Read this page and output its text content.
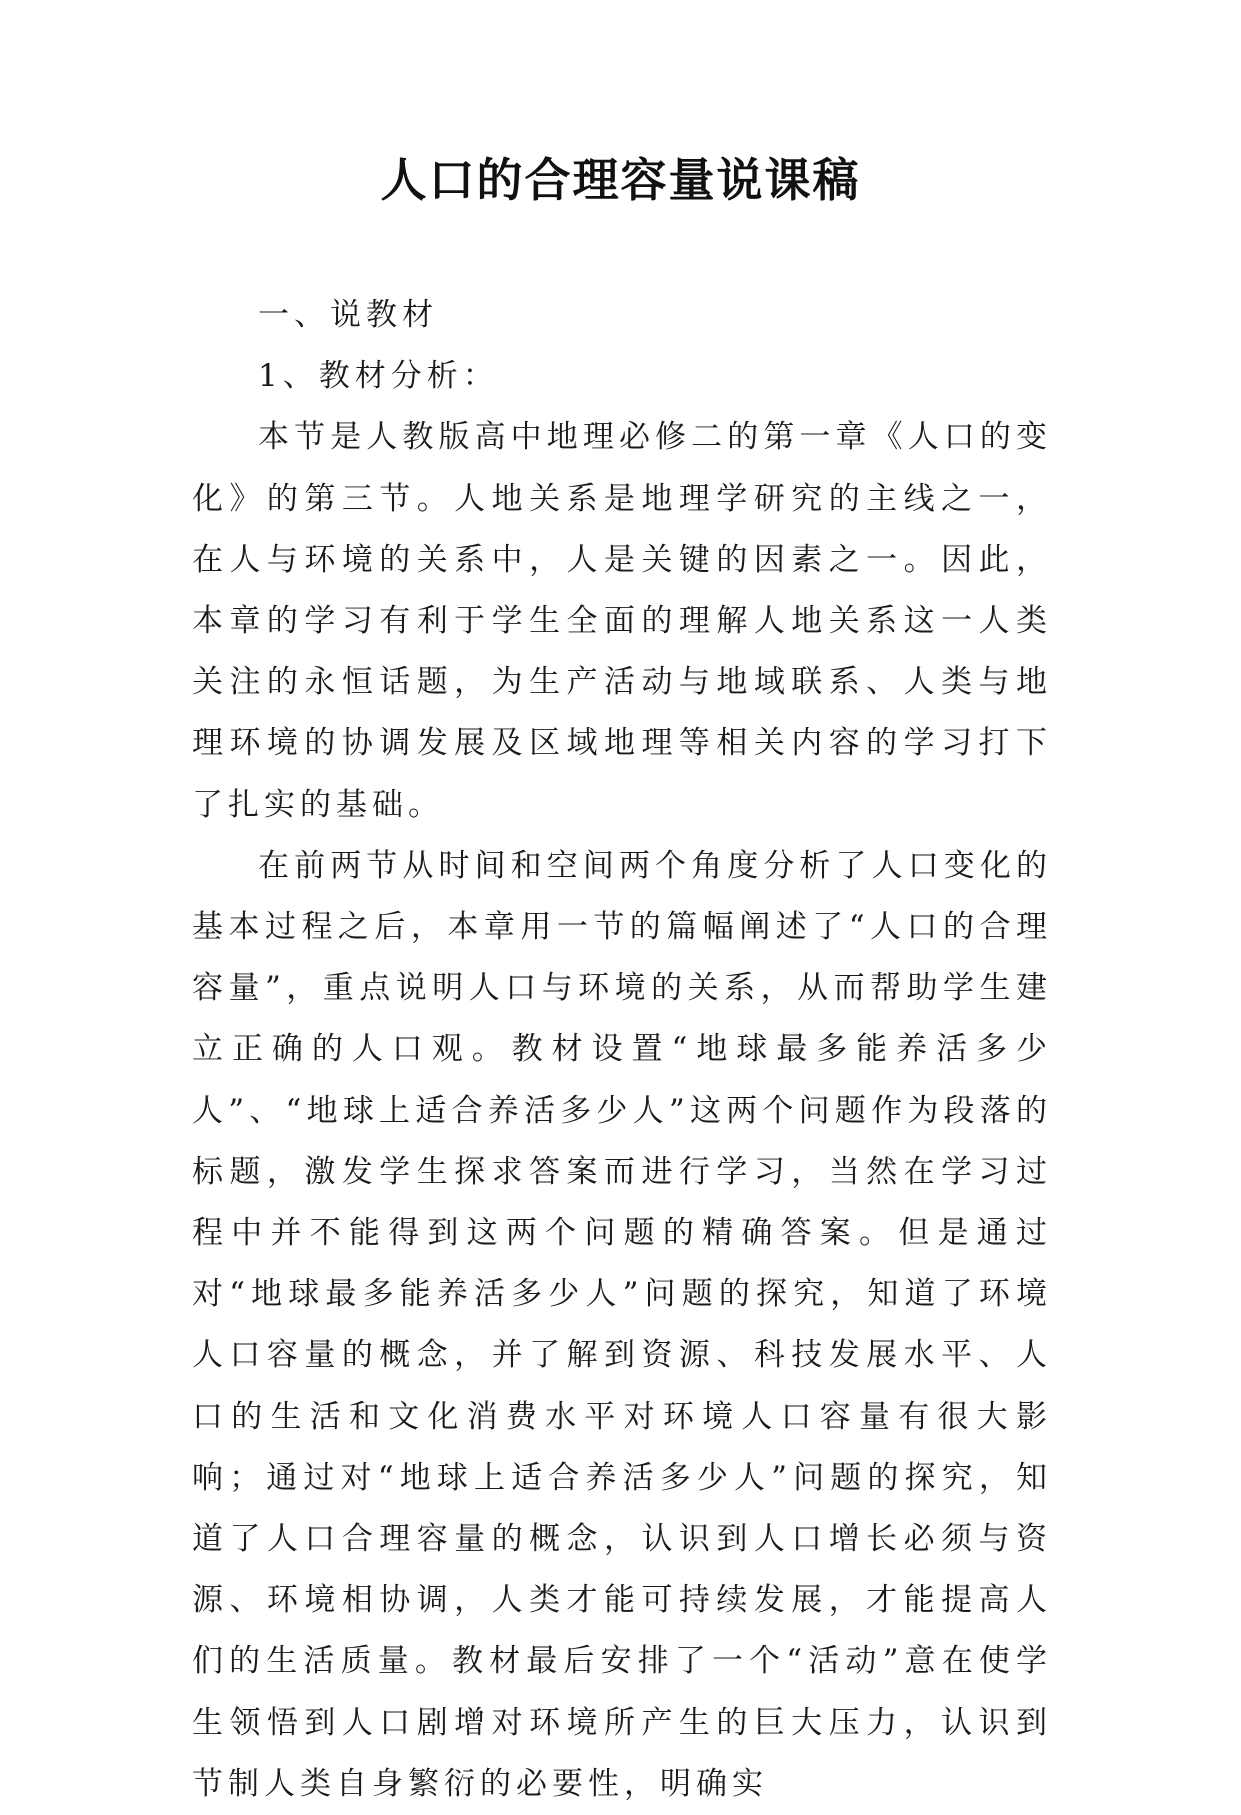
人口的合理容量说课稿

一、说教材

1、教材分析：

本节是人教版高中地理必修二的第一章《人口的变化》的第三节。人地关系是地理学研究的主线之一，在人与环境的关系中，人是关键的因素之一。因此，本章的学习有利于学生全面的理解人地关系这一人类关注的永恒话题，为生产活动与地域联系、人类与地理环境的协调发展及区域地理等相关内容的学习打下了扎实的基础。

在前两节从时间和空间两个角度分析了人口变化的基本过程之后，本章用一节的篇幅阐述了“人口的合理容量”，重点说明人口与环境的关系，从而帮助学生建立正确的人口观。教材设置“地球最多能养活多少人”、“地球上适合养活多少人”这两个问题作为段落的标题，激发学生探求答案而进行学习，当然在学习过程中并不能得到这两个问题的精确答案。但是通过对“地球最多能养活多少人”问题的探究，知道了环境人口容量的概念，并了解到资源、科技发展水平、人口的生活和文化消费水平对环境人口容量有很大影响；通过对“地球上适合养活多少人”问题的探究，知道了人口合理容量的概念，认识到人口增长必须与资源、环境相协调，人类才能可持续发展，才能提高人们的生活质量。教材最后安排了一个“活动”意在使学生领悟到人口剧增对环境所产生的巨大压力，认识到节制人类自身繁衍的必要性，明确实
